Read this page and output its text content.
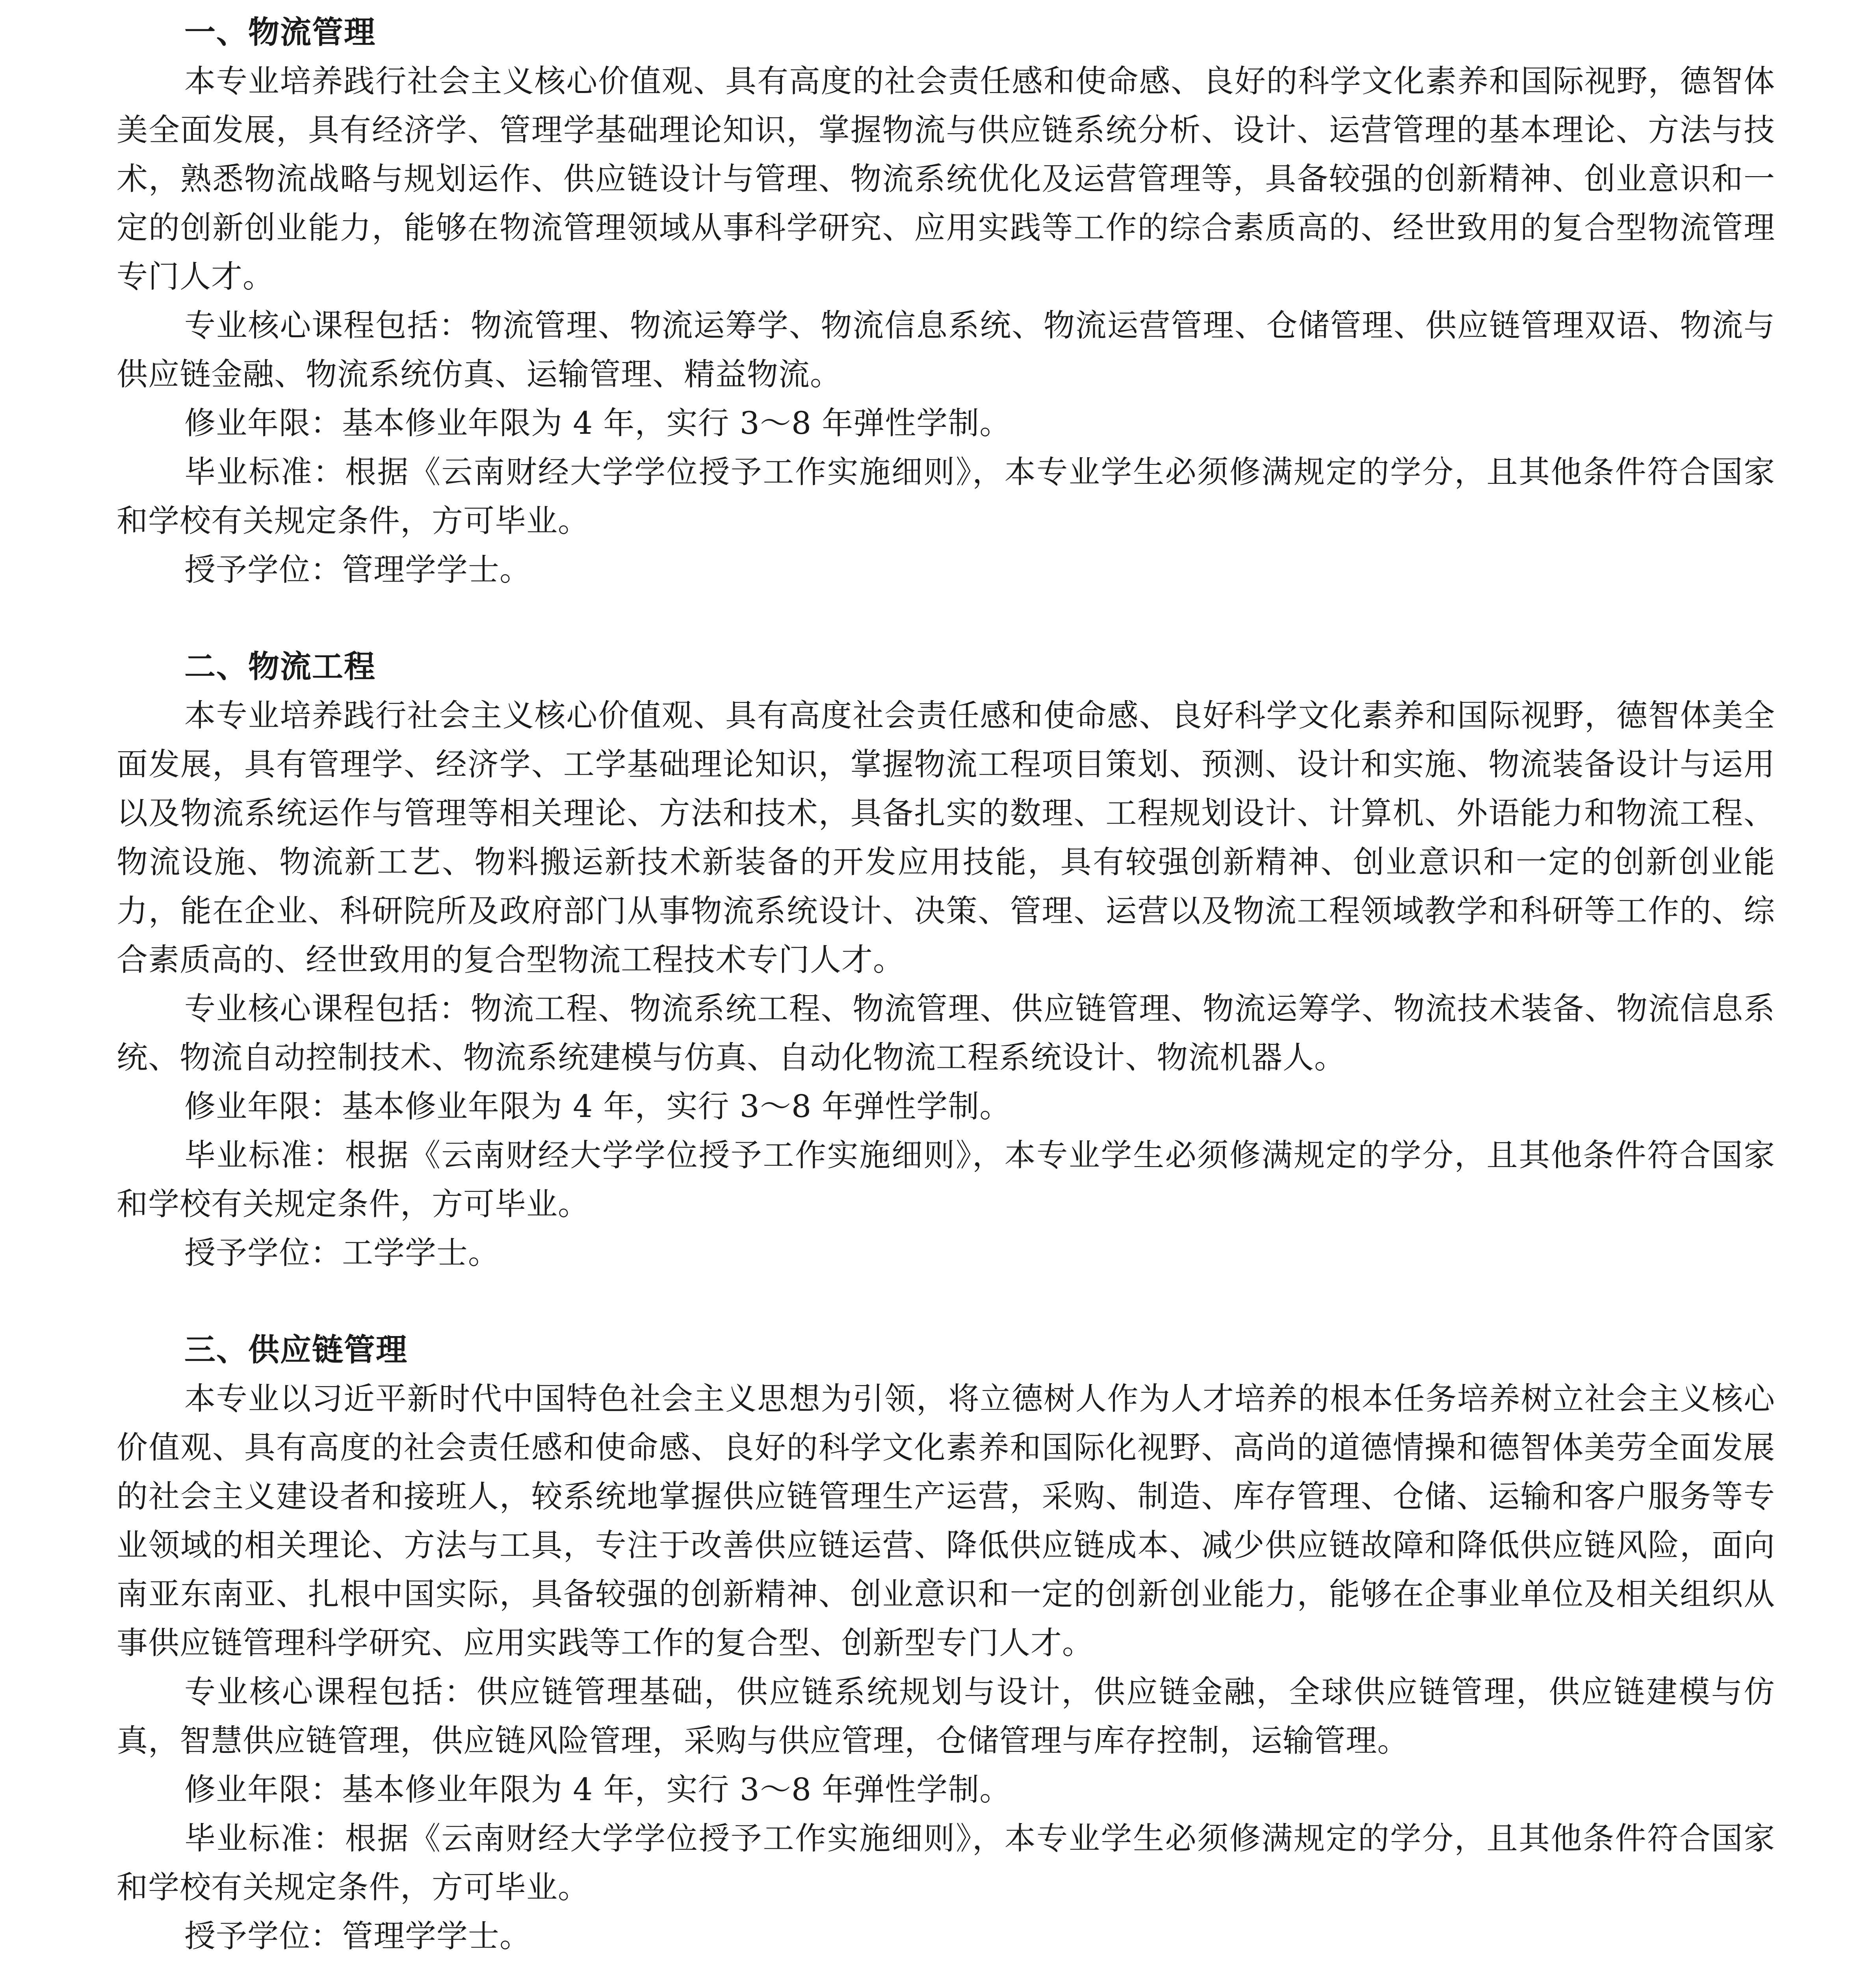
一、物流管理

本专业培养践行社会主义核心价值观、具有高度的社会责任感和使命感、良好的科学文化素养和国际视野，德智体美全面发展，具有经济学、管理学基础理论知识，掌握物流与供应链系统分析、设计、运营管理的基本理论、方法与技术，熟悉物流战略与规划运作、供应链设计与管理、物流系统优化及运营管理等，具备较强的创新精神、创业意识和一定的创新创业能力，能够在物流管理领域从事科学研究、应用实践等工作的综合素质高的、经世致用的复合型物流管理专门人才。

专业核心课程包括：物流管理、物流运筹学、物流信息系统、物流运营管理、仓储管理、供应链管理双语、物流与供应链金融、物流系统仿真、运输管理、精益物流。

修业年限：基本修业年限为 4 年，实行 3～8 年弹性学制。

毕业标准：根据《云南财经大学学位授予工作实施细则》，本专业学生必须修满规定的学分，且其他条件符合国家和学校有关规定条件，方可毕业。

授予学位：管理学学士。

二、物流工程

本专业培养践行社会主义核心价值观、具有高度社会责任感和使命感、良好科学文化素养和国际视野，德智体美全面发展，具有管理学、经济学、工学基础理论知识，掌握物流工程项目策划、预测、设计和实施、物流装备设计与运用以及物流系统运作与管理等相关理论、方法和技术，具备扎实的数理、工程规划设计、计算机、外语能力和物流工程、物流设施、物流新工艺、物料搬运新技术新装备的开发应用技能，具有较强创新精神、创业意识和一定的创新创业能力，能在企业、科研院所及政府部门从事物流系统设计、决策、管理、运营以及物流工程领域教学和科研等工作的、综合素质高的、经世致用的复合型物流工程技术专门人才。

专业核心课程包括：物流工程、物流系统工程、物流管理、供应链管理、物流运筹学、物流技术装备、物流信息系统、物流自动控制技术、物流系统建模与仿真、自动化物流工程系统设计、物流机器人。

修业年限：基本修业年限为 4 年，实行 3～8 年弹性学制。

毕业标准：根据《云南财经大学学位授予工作实施细则》，本专业学生必须修满规定的学分，且其他条件符合国家和学校有关规定条件，方可毕业。

授予学位：工学学士。

三、供应链管理

本专业以习近平新时代中国特色社会主义思想为引领，将立德树人作为人才培养的根本任务培养树立社会主义核心价值观、具有高度的社会责任感和使命感、良好的科学文化素养和国际化视野、高尚的道德情操和德智体美劳全面发展的社会主义建设者和接班人，较系统地掌握供应链管理生产运营，采购、制造、库存管理、仓储、运输和客户服务等专业领域的相关理论、方法与工具，专注于改善供应链运营、降低供应链成本、减少供应链故障和降低供应链风险，面向南亚东南亚、扎根中国实际，具备较强的创新精神、创业意识和一定的创新创业能力，能够在企事业单位及相关组织从事供应链管理科学研究、应用实践等工作的复合型、创新型专门人才。

专业核心课程包括：供应链管理基础，供应链系统规划与设计，供应链金融，全球供应链管理，供应链建模与仿真，智慧供应链管理，供应链风险管理，采购与供应管理，仓储管理与库存控制，运输管理。

修业年限：基本修业年限为 4 年，实行 3～8 年弹性学制。

毕业标准：根据《云南财经大学学位授予工作实施细则》，本专业学生必须修满规定的学分，且其他条件符合国家和学校有关规定条件，方可毕业。

授予学位：管理学学士。
